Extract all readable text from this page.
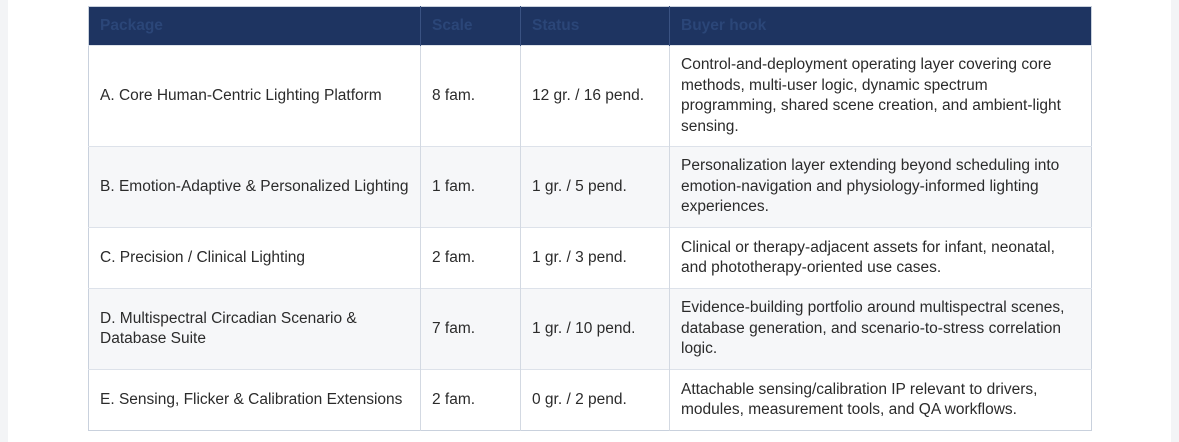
Package	Scale	Status	Buyer hook
A. Core Human-Centric Lighting Platform	8 fam.	12 gr. / 16 pend.	Control-and-deployment operating layer covering core methods, multi-user logic, dynamic spectrum programming, shared scene creation, and ambient-light sensing.
B. Emotion-Adaptive & Personalized Lighting	1 fam.	1 gr. / 5 pend.	Personalization layer extending beyond scheduling into emotion-navigation and physiology-informed lighting experiences.
C. Precision / Clinical Lighting	2 fam.	1 gr. / 3 pend.	Clinical or therapy-adjacent assets for infant, neonatal, and phototherapy-oriented use cases.
D. Multispectral Circadian Scenario & Database Suite	7 fam.	1 gr. / 10 pend.	Evidence-building portfolio around multispectral scenes, database generation, and scenario-to-stress correlation logic.
E. Sensing, Flicker & Calibration Extensions	2 fam.	0 gr. / 2 pend.	Attachable sensing/calibration IP relevant to drivers, modules, measurement tools, and QA workflows.
